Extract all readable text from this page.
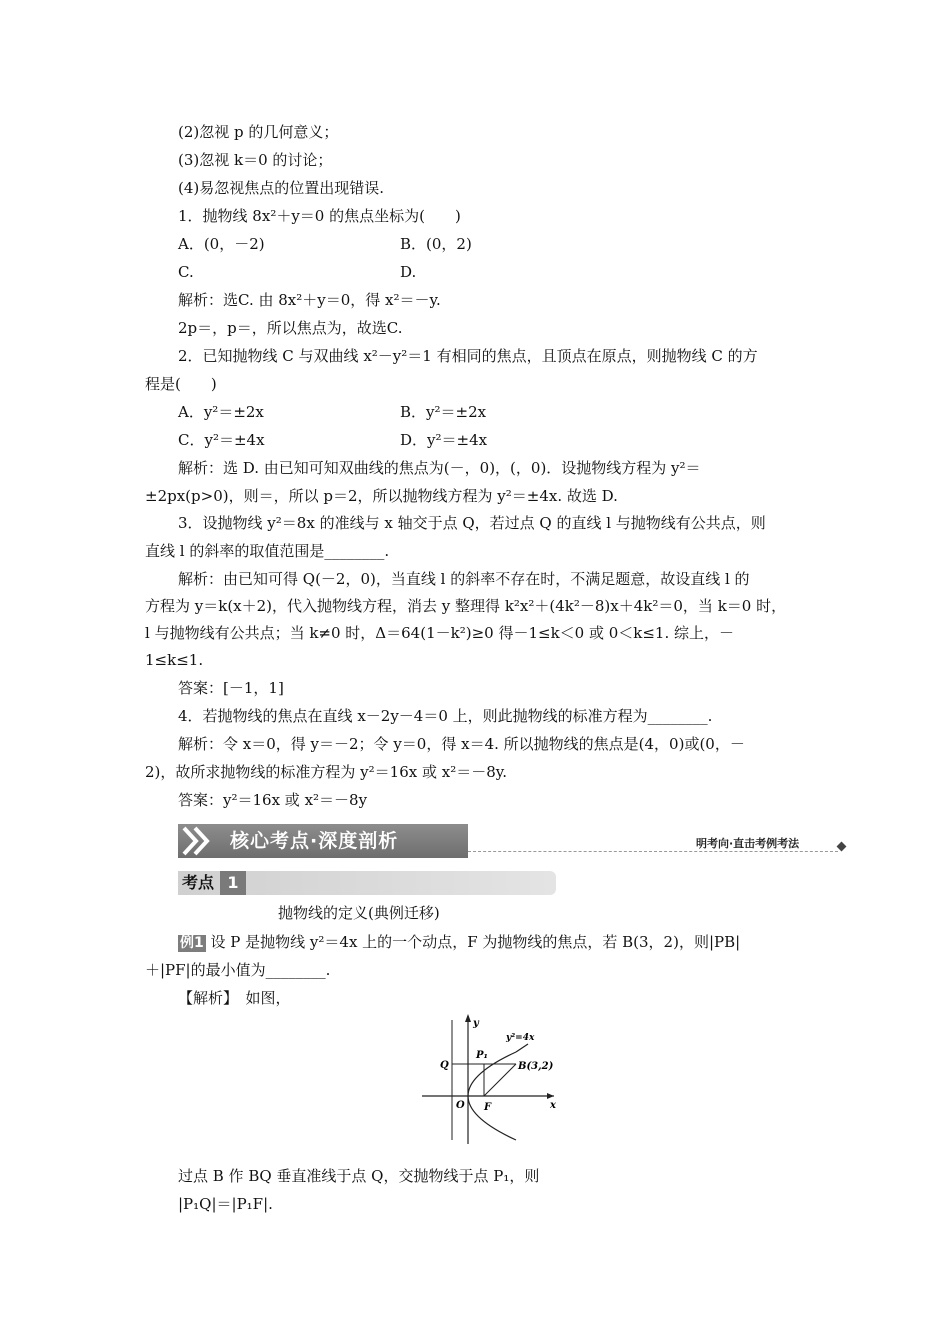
(2)忽视 p 的几何意义；
(3)忽视 k＝0 的讨论；
(4)易忽视焦点的位置出现错误.
1．抛物线 8x²＋y＝0 的焦点坐标为(　　)
A．(0，－2)	B．(0，2)
C.	D.
解析：选C. 由 8x²＋y＝0，得 x²＝－y.
2p＝，p＝，所以焦点为，故选C.
2．已知抛物线 C 与双曲线 x²－y²＝1 有相同的焦点，且顶点在原点，则抛物线 C 的方
程是(　　)
A．y²＝±2x	B．y²＝±2x
C．y²＝±4x	D．y²＝±4x
解析：选 D. 由已知可知双曲线的焦点为(－，0)，(，0)．设抛物线方程为 y²＝
±2px(p>0)，则＝，所以 p＝2，所以抛物线方程为 y²＝±4x. 故选 D.
3．设抛物线 y²＝8x 的准线与 x 轴交于点 Q，若过点 Q 的直线 l 与抛物线有公共点，则
直线 l 的斜率的取值范围是________.
解析：由已知可得 Q(－2，0)，当直线 l 的斜率不存在时，不满足题意，故设直线 l 的
方程为 y＝k(x＋2)，代入抛物线方程，消去 y 整理得 k²x²＋(4k²－8)x＋4k²＝0，当 k＝0 时，
l 与抛物线有公共点；当 k≠0 时，Δ＝64(1－k²)≥0 得－1≤k＜0 或 0＜k≤1. 综上，－
1≤k≤1.
答案：[－1，1]
4．若抛物线的焦点在直线 x－2y－4＝0 上，则此抛物线的标准方程为________.
解析：令 x＝0，得 y＝－2；令 y＝0，得 x＝4. 所以抛物线的焦点是(4，0)或(0，－
2)，故所求抛物线的标准方程为 y²＝16x 或 x²＝－8y.
答案：y²＝16x 或 x²＝－8y
核心考点·深度剖析	明考向·直击考例考法
考点 1
抛物线的定义(典例迁移)
例1 设 P 是抛物线 y²＝4x 上的一个动点，F 为抛物线的焦点，若 B(3，2)，则|PB|
＋|PF|的最小值为________.
【解析】　如图，
y
x
O
Q
P₁
B(3,2)
F
y²=4x
过点 B 作 BQ 垂直准线于点 Q，交抛物线于点 P₁，则
|P₁Q|＝|P₁F|.
